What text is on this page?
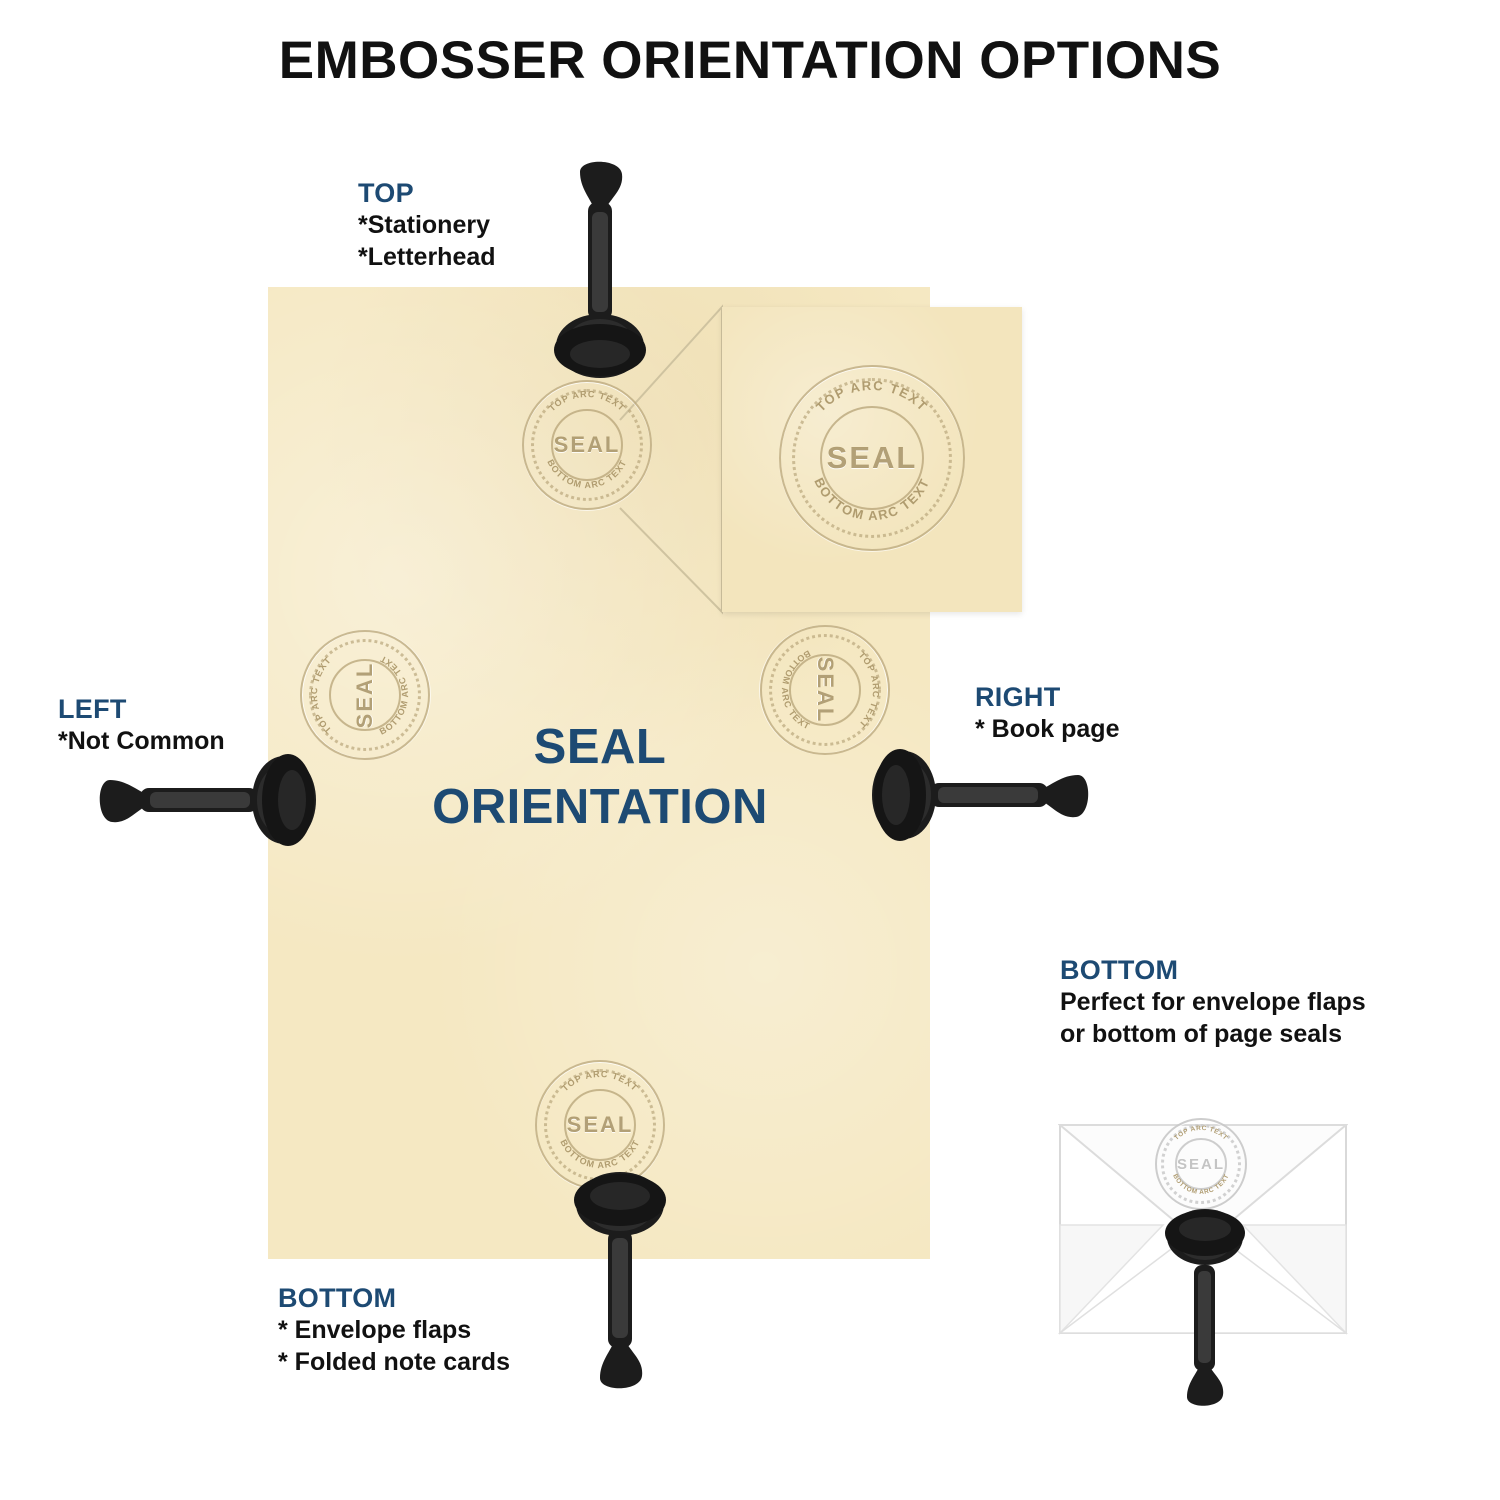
EMBOSSER ORIENTATION OPTIONS
TOP ARC TEXT
BOTTOM ARC TEXT
SEAL
TOP ARC TEXT
BOTTOM ARC TEXT
SEAL
TOP ARC TEXT
BOTTOM ARC TEXT
SEAL
TOP ARC TEXT
BOTTOM ARC TEXT
SEAL
TOP ARC TEXT
BOTTOM ARC TEXT
SEAL
SEAL
ORIENTATION
TOP ARC TEXT
BOTTOM ARC TEXT
SEAL
TOP
*Stationery
*Letterhead
LEFT
*Not Common
RIGHT
* Book page
BOTTOM
* Envelope flaps
* Folded note cards
BOTTOM
Perfect for envelope flaps
or bottom of page seals
